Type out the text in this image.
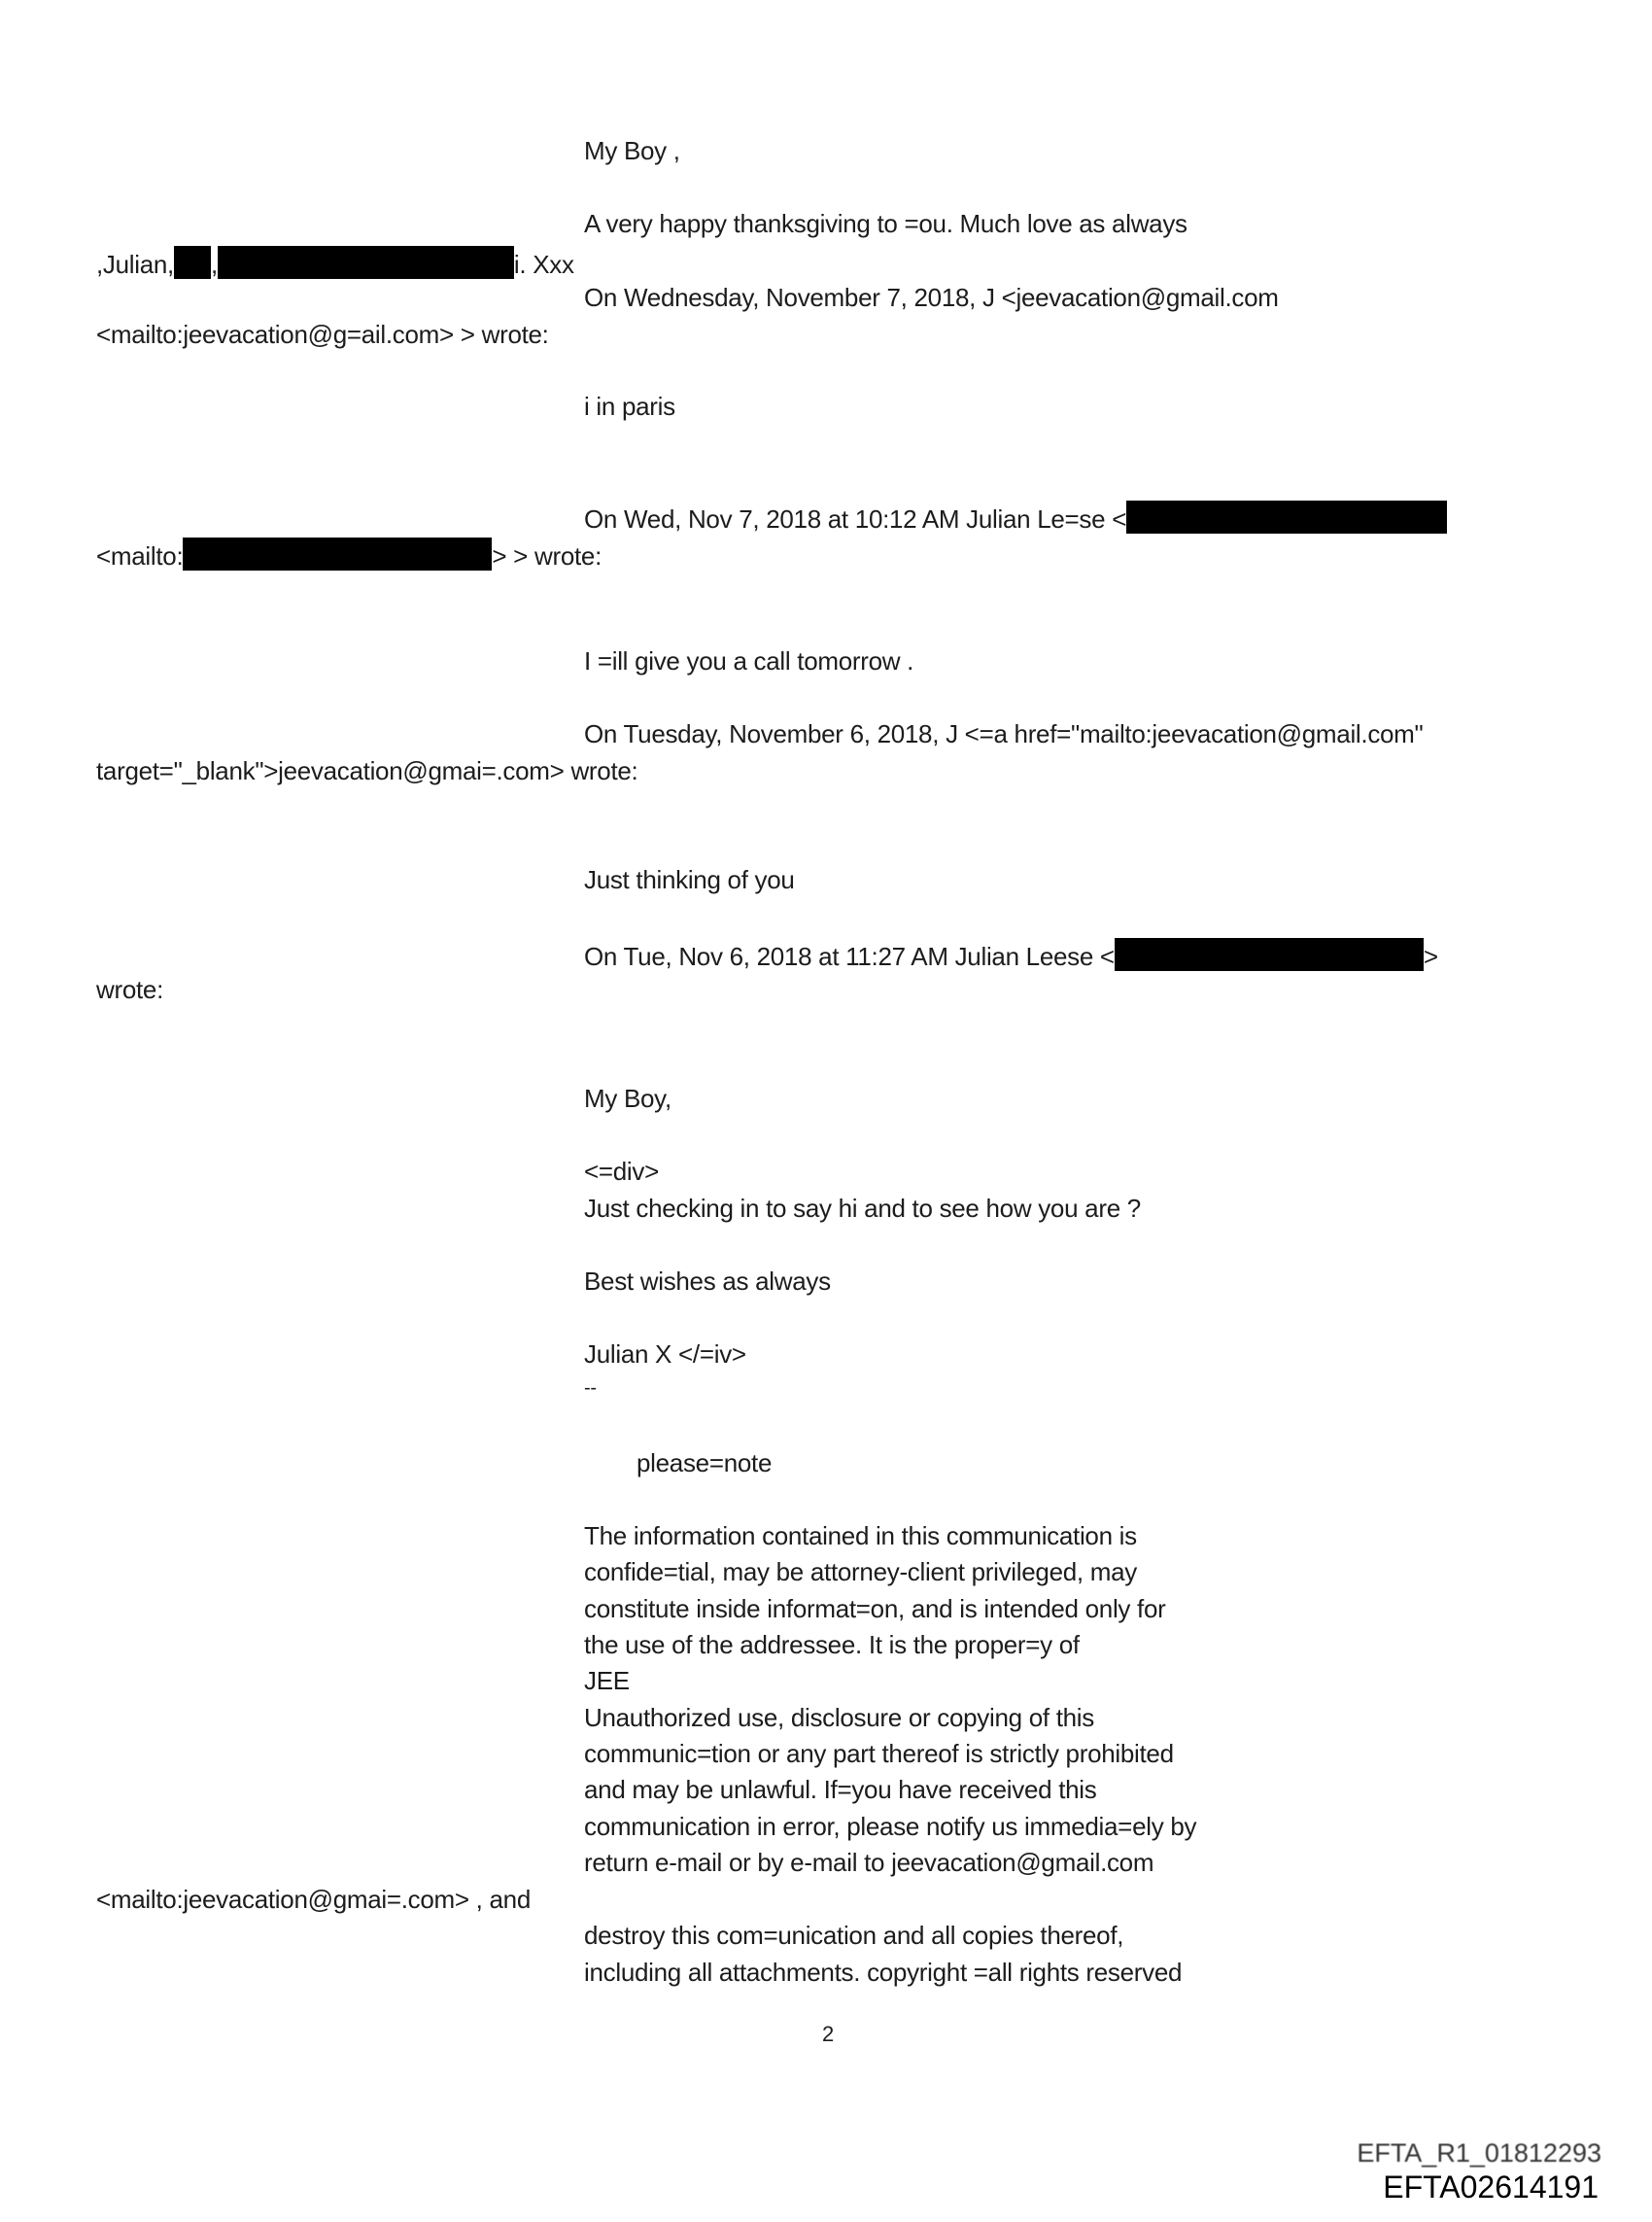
My Boy ,
A very happy thanksgiving to =ou. Much love as always
,Julian, ,	i. Xxx
On Wednesday, November 7, 2018, J <jeevacation@gmail.com
<mailto:jeevacation@g=ail.com> > wrote:
i in paris
On Wed, Nov 7, 2018 at 10:12 AM Julian Le=se <
<mailto:	> > wrote:
I =ill give you a call tomorrow .
On Tuesday, November 6, 2018, J <=a href="mailto:jeevacation@gmail.com"
target="_blank">jeevacation@gmai=.com> wrote:
Just thinking of you
On Tue, Nov 6, 2018 at 11:27 AM Julian Leese <	>
wrote:
My Boy,
<=div>
Just checking in to say hi and to see how you are ?
Best wishes as always
Julian X </=iv>
--
please=note
The information contained in this communication is
confide=tial, may be attorney-client privileged, may
constitute inside informat=on, and is intended only for
the use of the addressee. It is the proper=y of
JEE
Unauthorized use, disclosure or copying of this
communic=tion or any part thereof is strictly prohibited
and may be unlawful. If=you have received this
communication in error, please notify us immedia=ely by
return e-mail or by e-mail to jeevacation@gmail.com
<mailto:jeevacation@gmai=.com> , and
destroy this com=unication and all copies thereof,
including all attachments. copyright =all rights reserved
2
EFTA_R1_01812293
EFTA02614191
